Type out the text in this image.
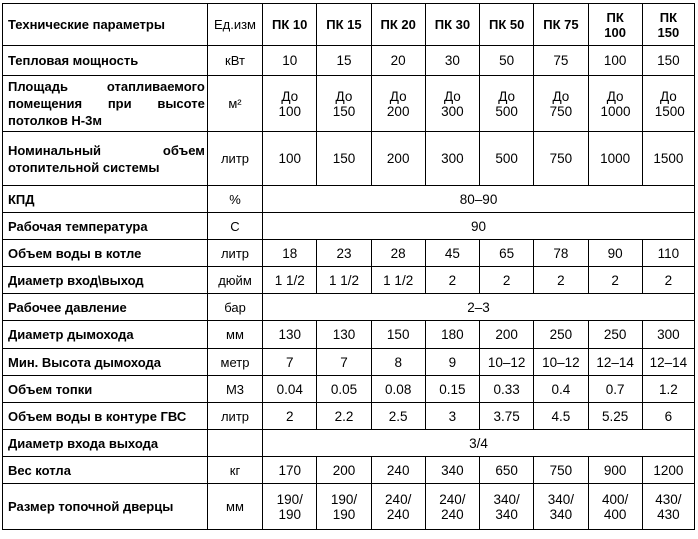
Технические параметры	Ед.изм	ПК 10	ПК 15	ПК 20	ПК 30	ПК 50	ПК 75	ПК 100	ПК 150
Тепловая мощность	кВт	10	15	20	30	50	75	100	150
Площадь отапливаемого помещения при высоте потолков Н-3м	м²	До 100	До 150	До 200	До 300	До 500	До 750	До 1000	До 1500
Номинальный объем отопительной системы	литр	100	150	200	300	500	750	1000	1500
КПД	%	80–90							
Рабочая температура	С	90							
Объем воды в котле	литр	18	23	28	45	65	78	90	110
Диаметр вход\выход	дюйм	1 1/2	1 1/2	1 1/2	2	2	2	2	2
Рабочее давление	бар	2–3							
Диаметр дымохода	мм	130	130	150	180	200	250	250	300
Мин. Высота дымохода	метр	7	7	8	9	10–12	10–12	12–14	12–14
Объем топки	М3	0.04	0.05	0.08	0.15	0.33	0.4	0.7	1.2
Объем воды в контуре ГВС	литр	2	2.2	2.5	3	3.75	4.5	5.25	6
Диаметр входа выхода		3/4							
Вес котла	кг	170	200	240	340	650	750	900	1200
Размер топочной дверцы	мм	190/ 190	190/ 190	240/ 240	240/ 240	340/ 340	340/ 340	400/ 400	430/ 430
